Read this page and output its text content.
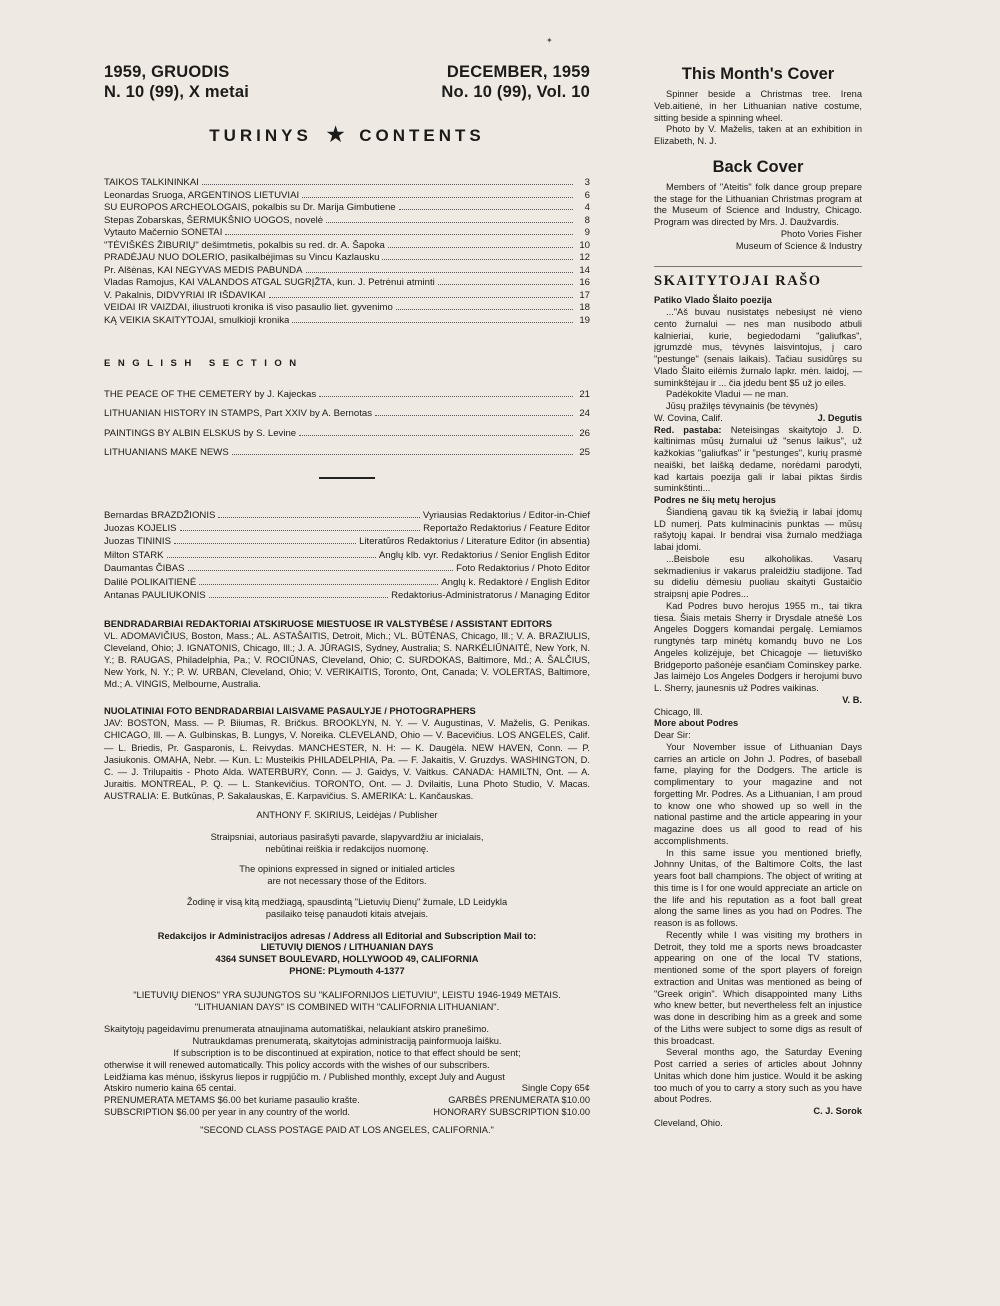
✦
1959, GRUODIS
N. 10 (99), X metai
DECEMBER, 1959
No. 10 (99), Vol. 10
TURINYS ★ CONTENTS
TAIKOS TALKININKAI	3
Leonardas Sruoga, ARGENTINOS LIETUVIAI	6
SU EUROPOS ARCHEOLOGAIS, pokalbis su Dr. Marija Gimbutiene	4
Stepas Zobarskas, ŠERMUKŠNIO UOGOS, novelė	8
Vytauto Mačernio SONETAI	9
"TĖVIŠKĖS ŽIBURIŲ" dešimtmetis, pokalbis su red. dr. A. Šapoka	10
PRADĖJAU NUO DOLERIO, pasikalbėjimas su Vincu Kazlausku	12
Pr. Alšėnas, KAI NEGYVAS MEDIS PABUNDA	14
Vladas Ramojus, KAI VALANDOS ATGAL SUGRĮŽTA, kun. J. Petrėnui atminti	16
V. Pakalnis, DIDVYRIAI IR IŠDAVIKAI	17
VEIDAI IR VAIZDAI, iliustruoti kronika iš viso pasaulio liet. gyvenimo	18
KĄ VEIKIA SKAITYTOJAI, smulkioji kronika	19
ENGLISH SECTION
THE PEACE OF THE CEMETERY by J. Kajeckas	21
LITHUANIAN HISTORY IN STAMPS, Part XXIV by A. Bernotas	24
PAINTINGS BY ALBIN ELSKUS by S. Levine	26
LITHUANIANS MAKE NEWS	25
Bernardas BRAZDŽIONIS	Vyriausias Redaktorius / Editor-in-Chief
Juozas KOJELIS	Reportažo Redaktorius / Feature Editor
Juozas TININIS	Literatūros Redaktorius / Literature Editor (in absentia)
Milton STARK	Anglų klb. vyr. Redaktorius / Senior English Editor
Daumantas ČIBAS	Foto Redaktorius / Photo Editor
Dalilė POLIKAITIENĖ	Anglų k. Redaktorė / English Editor
Antanas PAULIUKONIS	Redaktorius-Administratorus / Managing Editor
BENDRADARBIAI REDAKTORIAI ATSKIRUOSE MIESTUOSE IR VALSTYBĖSE / ASSISTANT EDITORS
VL. ADOMAVIČIUS, Boston, Mass.; AL. ASTAŠAITIS, Detroit, Mich.; VL. BŪTĖNAS, Chicago, Ill.; V. A. BRAZIULIS, Cleveland, Ohio; J. IGNATONIS, Chicago, Ill.; J. A. JŪRAGIS, Sydney, Australia; S. NARKĖLIŪNAITĖ, New York, N. Y.; B. RAUGAS, Philadelphia, Pa.; V. ROCIŪNAS, Cleveland, Ohio; C. SURDOKAS, Baltimore, Md.; A. ŠALČIUS, New York, N. Y.; P. W. URBAN, Cleveland, Ohio; V. VERIKAITIS, Toronto, Ont, Canada; V. VOLERTAS, Baltimore, Md.; A. VINGIS, Melbourne, Australia.
NUOLATINIAI FOTO BENDRADARBIAI LAISVAME PASAULYJE / PHOTOGRAPHERS
JAV: BOSTON, Mass. — P. Biiumas, R. Bričkus. BROOKLYN, N. Y. — V. Augustinas, V. Maželis, G. Penikas. CHICAGO, Ill. — A. Gulbinskas, B. Lungys, V. Noreika. CLEVELAND, Ohio — V. Bacevičius. LOS ANGELES, Calif. — L. Briedis, Pr. Gasparonis, L. Reivydas. MANCHESTER, N. H: — K. Daugėla. NEW HAVEN, Conn. — P. Jasiukonis. OMAHA, Nebr. — Kun. L: Musteikis PHILADELPHIA, Pa. — F. Jakaitis, V. Gruzdys. WASHINGTON, D. C. — J. Trilupaitis - Photo Alda. WATERBURY, Conn. — J. Gaidys, V. Vaitkus. CANADA: HAMILTN, Ont. — A. Juraitis. MONTREAL, P. Q. — L. Stankevičius. TORONTO, Ont. — J. Dvilaitis, Luna Photo Studio, V. Macas. AUSTRALIA: E. Butkūnas, P. Sakalauskas, E. Karpavičius. S. AMERIKA: L. Kančauskas.
ANTHONY F. SKIRIUS, Leidėjas / Publisher
Straipsniai, autoriaus pasirašyti pavarde, slapyvardžiu ar inicialais,
nebūtinai reiškia ir redakcijos nuomonę.
The opinions expressed in signed or initialed articles
are not necessary those of the Editors.
Žodinę ir visą kitą medžiagą, spausdintą "Lietuvių Dienų" žurnale, LD Leidykla
pasilaiko teisę panaudoti kitais atvejais.
Redakcijos ir Administracijos adresas / Address all Editorial and Subscription Mail to:
LIETUVIŲ DIENOS / LITHUANIAN DAYS
4364 SUNSET BOULEVARD, HOLLYWOOD 49, CALIFORNIA
PHONE: PLymouth 4-1377
"LIETUVIŲ DIENOS" YRA SUJUNGTOS SU "KALIFORNIJOS LIETUVIU", LEISTU 1946-1949 METAIS.
"LITHUANIAN DAYS" IS COMBINED WITH "CALIFORNIA LITHUANIAN".
Skaitytojų pageidavimu prenumerata atnaujinama automatiškai, nelaukiant atskiro pranešimo.
Nutraukdamas prenumeratą, skaitytojas administraciją painformuoja laišku.
If subscription is to be discontinued at expiration, notice to that effect should be sent;
otherwise it will renewed automatically. This policy accords with the wishes of our subscribers.
Leidžiama kas mėnuo, išskyrus liepos ir rugpjūčio m. / Published monthly, except July and August
Atskiro numerio kaina 65 centai.	Single Copy 65¢
PRENUMERATA METAMS $6.00 bet kuriame pasaulio krašte.	GARBĖS PRENUMERATA $10.00
SUBSCRIPTION $6.00 per year in any country of the world.	HONORARY SUBSCRIPTION $10.00
"SECOND CLASS POSTAGE PAID AT LOS ANGELES, CALIFORNIA."
This Month's Cover

Spinner beside a Christmas tree. Irena Veb.aitienė, in her Lithuanian native costume, sitting beside a spinning wheel.

Photo by V. Maželis, taken at an exhibition in Elizabeth, N. J.

Back Cover

Members of "Ateitis" folk dance group prepare the stage for the Lithuanian Christmas program at the Museum of Science and Industry, Chicago. Program was directed by Mrs. J. Daužvardis.

Photo Vories Fisher
Museum of Science & Industry
SKAITYTOJAI RAŠO
Patiko Vlado Šlaito poezija

..."Aš buvau nusistatęs nebesiųst nė vieno cento žurnalui — nes man nusibodo atbuli kalnieriai, kurie, begiedodami "galiufkas", įgrumzdė mus, tėvynės laisvintojus, į caro "pestunge" (senais laikais). Tačiau susidūręs su Vlado Šlaito eilėmis žurnalo lapkr. mėn. laidoj, — suminkštėjau ir ... čia įdedu bent $5 už jo eiles.

Padėkokite Vladui — ne man.

Jūsų pražilęs tėvynainis (be tėvynės)

W. Covina, Calif.	J. Degutis

Red. pastaba: Neteisingas skaitytojo J. D. kaltinimas mūsų žurnalui už "senus laikus", už kažkokias "galiufkas" ir "pestunges", kurių prasmė neaiški, bet laišką dedame, norėdami parodyti, kad kartais poezija gali ir labai piktas širdis suminkštinti...

Podres ne šių metų herojus

Šiandieną gavau tik ką šviežią ir labai įdomų LD numerį. Pats kulminacinis punktas — mūsų rašytojų kapai. Ir bendrai visa žurnalo medžiaga labai įdomi.

...Beisbole esu alkoholikas. Vasarų sekmadienius ir vakarus praleidžiu stadijone. Tad su dideliu dėmesiu puoliau skaityti Gustaičio straipsnį apie Podres...

Kad Podres buvo herojus 1955 m., tai tikra tiesa. Šiais metais Sherry ir Drysdale atnešė Los Angeles Doggers komandai pergalę. Lemiamos rungtynės tarp minėtų komandų buvo ne Los Angeles kolizėjuje, bet Chicagoje — lietuviško Bridgeporto pašonėje esančiam Cominskey parke. Jas laimėjo Los Angeles Dodgers ir herojumi buvo L. Sherry, jaunesnis už Podres vaikinas.

V. B.
Chicago, Ill.
More about Podres
Dear Sir:

Your November issue of Lithuanian Days carries an article on John J. Podres, of baseball fame, playing for the Dodgers. The article is complimentary to your magazine and not forgetting Mr. Podres. As a Lithuanian, I am proud to know one who showed up so well in the national pastime and the article appearing in your magazine does us all good to read of his accomplishments.

In this same issue you mentioned briefly, Johnny Unitas, of the Baltimore Colts, the last years foot ball champions. The object of writing at this time is I for one would appreciate an article on the life and his reputation as a foot ball great along the same lines as you had on Podres. The reason is as follows.

Recently while I was visiting my brothers in Detroit, they told me a sports news broadcaster appearing on one of the local TV stations, mentioned some of the sport players of foreign extraction and Unitas was mentioned as being of "Greek origin". Which disappointed many Liths who knew better, but nevertheless felt an injustice was done in describing him as a greek and some of the Liths were subject to some digs as result of this broadcast.

Several months ago, the Saturday Evening Post carried a series of articles about Johnny Unitas which done him justice. Would it be asking too much of you to carry a story such as you have about Podres.

C. J. Sorok
Cleveland, Ohio.
